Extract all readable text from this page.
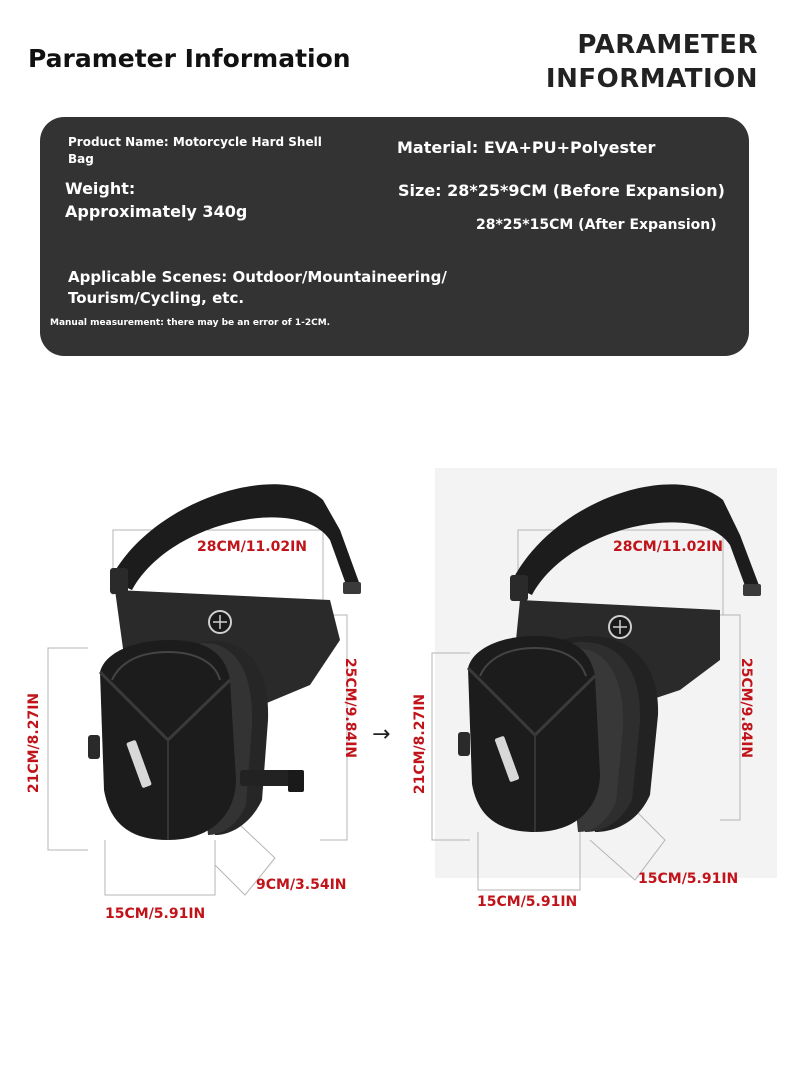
Parameter Information	PARAMETER
INFORMATION
Product Name: Motorcycle Hard Shell
Bag
Material: EVA+PU+Polyester
Weight:
Approximately 340g
Size: 28*25*9CM (Before Expansion)
28*25*15CM (After Expansion)
Applicable Scenes: Outdoor/Mountaineering/
Tourism/Cycling, etc.
Manual measurement: there may be an error of 1-2CM.
28CM/11.02IN
25CM/9.84IN
21CM/8.27IN
9CM/3.54IN
15CM/5.91IN
→
28CM/11.02IN
25CM/9.84IN
21CM/8.27IN
15CM/5.91IN
15CM/5.91IN
